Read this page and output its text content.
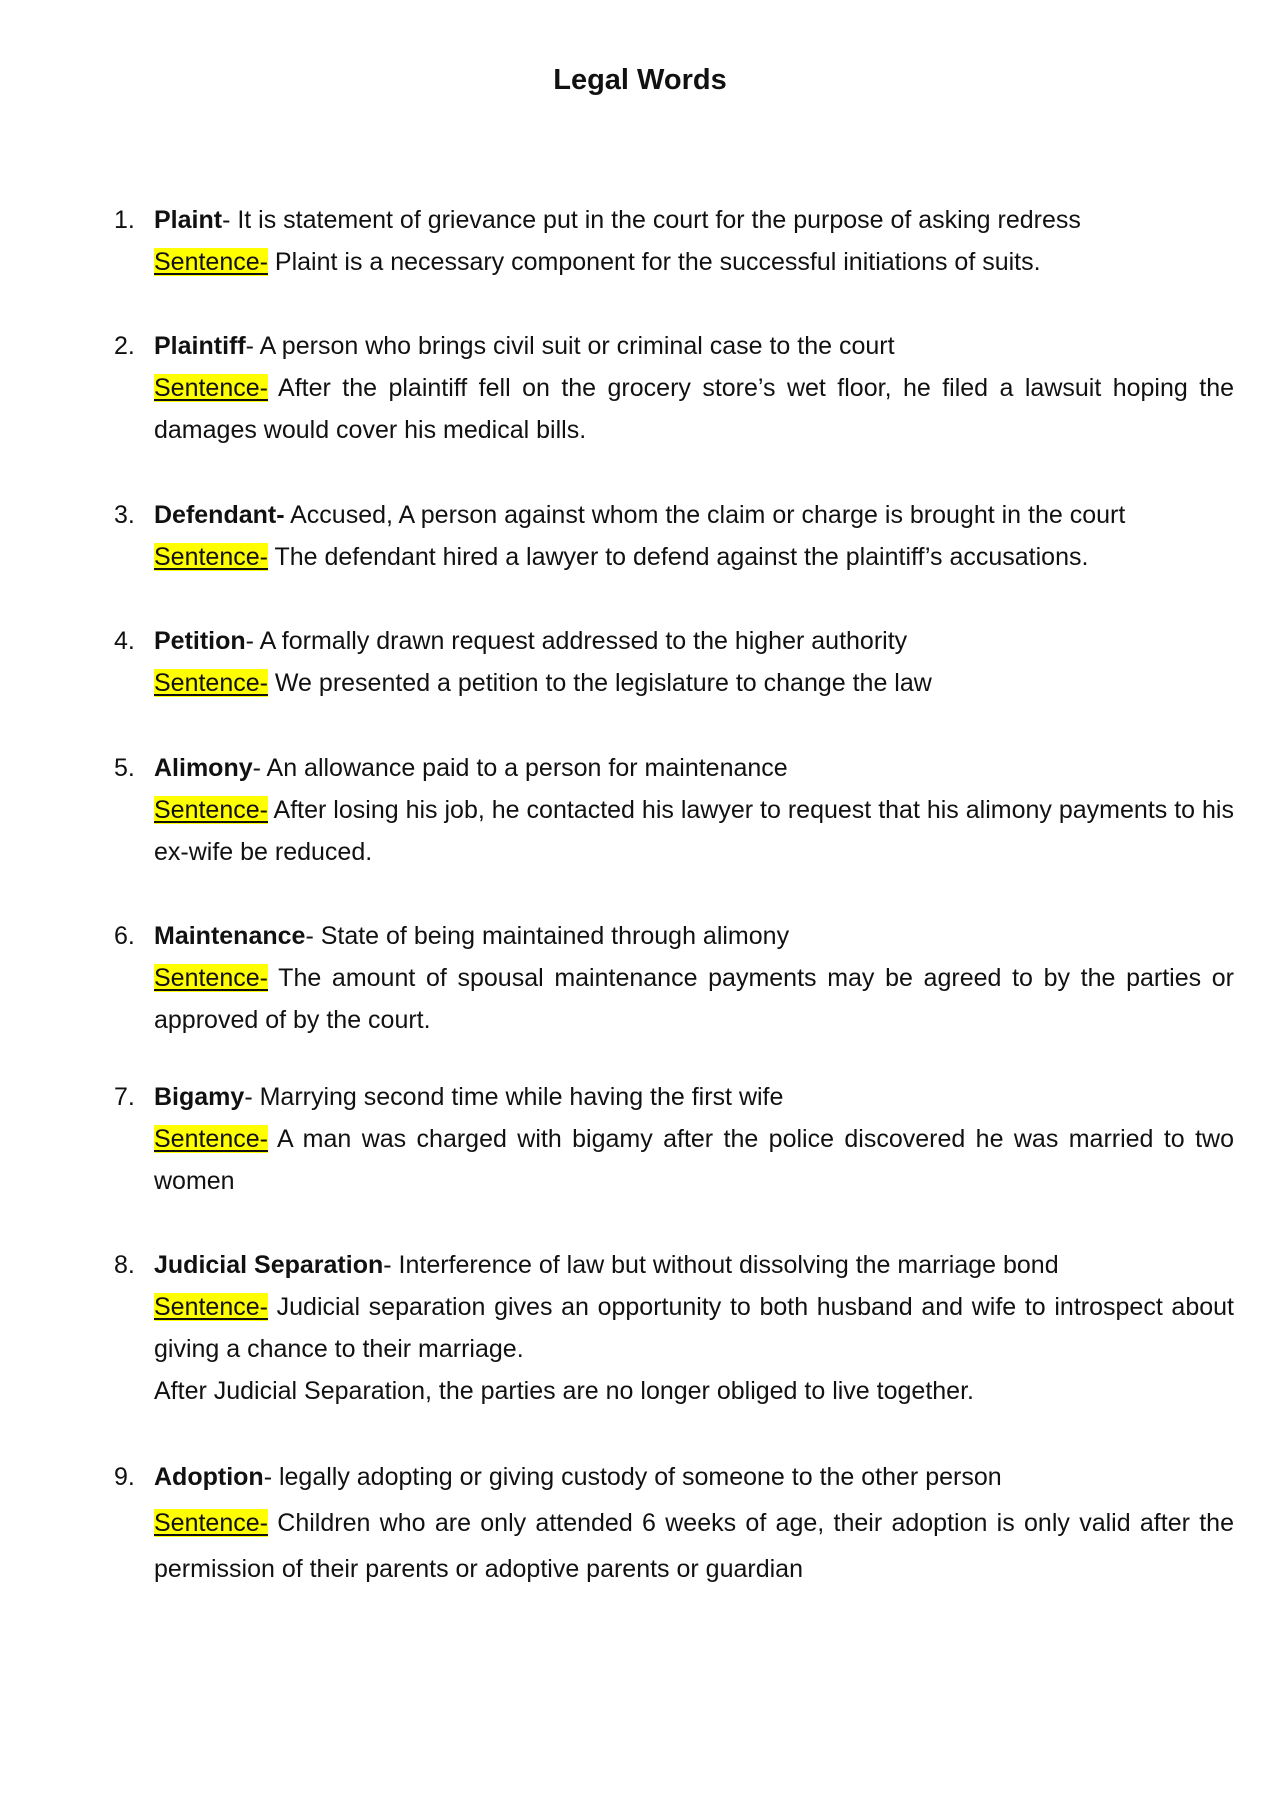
Legal Words
1. Plaint- It is statement of grievance put in the court for the purpose of asking redress

Sentence- Plaint is a necessary component for the successful initiations of suits.

2. Plaintiff- A person who brings civil suit or criminal case to the court

Sentence- After the plaintiff fell on the grocery store’s wet floor, he filed a lawsuit hoping the damages would cover his medical bills.

3. Defendant- Accused, A person against whom the claim or charge is brought in the court

Sentence- The defendant hired a lawyer to defend against the plaintiff’s accusations.

4. Petition- A formally drawn request addressed to the higher authority

Sentence- We presented a petition to the legislature to change the law

5. Alimony- An allowance paid to a person for maintenance

Sentence- After losing his job, he contacted his lawyer to request that his alimony payments to his ex-wife be reduced.

6. Maintenance- State of being maintained through alimony

Sentence- The amount of spousal maintenance payments may be agreed to by the parties or approved of by the court.

7. Bigamy- Marrying second time while having the first wife

Sentence- A man was charged with bigamy after the police discovered he was married to two women

8. Judicial Separation- Interference of law but without dissolving the marriage bond

Sentence- Judicial separation gives an opportunity to both husband and wife to introspect about giving a chance to their marriage.

After Judicial Separation, the parties are no longer obliged to live together.

9. Adoption- legally adopting or giving custody of someone to the other person

Sentence- Children who are only attended 6 weeks of age, their adoption is only valid after the permission of their parents or adoptive parents or guardian
